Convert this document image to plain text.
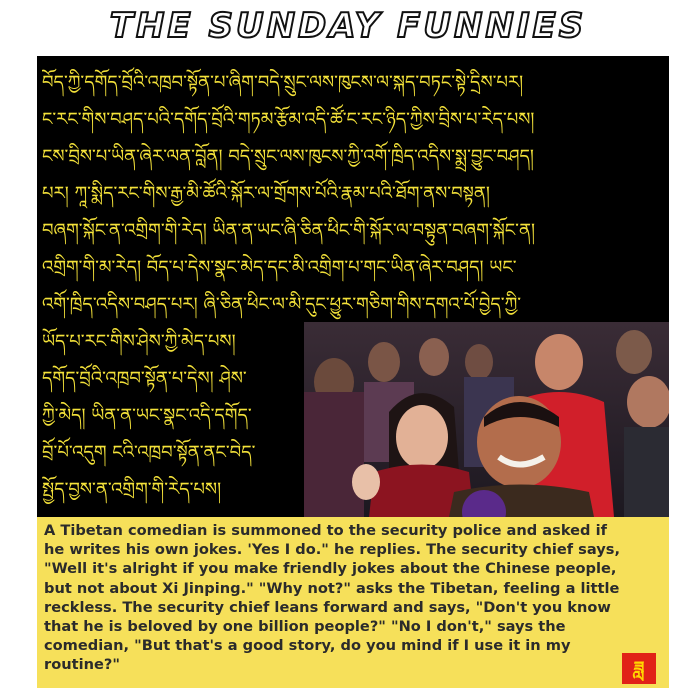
THE SUNDAY FUNNIES
བོད་ཀྱི་དགོད་བྲོའི་འཁྲབ་སྟོན་པ་ཞིག་བདེ་སྲུང་ལས་ཁུངས་ལ་སྐད་བཏང་སྟེ་དྲིས་པར།
ང་རང་གིས་བཤད་པའི་དགོད་བྲོའི་གཏམ་རྩོམ་འདི་ཚོ་ང་རང་ཉིད་ཀྱིས་བྲིས་པ་རེད་པས།
ངས་བྲིས་པ་ཡིན་ཞེར་ལན་བློན། བདེ་སྲུང་ལས་ཁུངས་ཀྱི་འགོ་ཁྲིད་འདིས་སྨྲ་བྱུང་བཤད།
པར། ཀཱ་སྨིད་རང་གིས་རྒྱ་མི་ཚོའི་སྐོར་ལ་གྲོགས་པོའི་རྣམ་པའི་ཐོག་ནས་བསྟན།
བཞག་སྐོང་ན་འགྲིག་གི་རེད། ཡིན་ན་ཡང་ཞི་ཅིན་ཕིང་གི་སྐོར་ལ་བསྟུན་བཞག་སྐོང་ན།
འགྲིག་གི་མ་རེད། བོད་པ་དེས་སྣང་མེད་དང་མི་འགྲིག་པ་གང་ཡིན་ཞེར་བཤད། ཡང་
འགོ་ཁྲིད་འདིས་བཤད་པར། ཞི་ཅིན་ཕིང་ལ་མི་དུང་ཕྱུར་གཅིག་གིས་དགའ་པོ་བྱེད་ཀྱི་
ཡོད་པ་རང་གིས་ཤེས་ཀྱི་མེད་པས།
དགོད་བྲོའི་འཁྲབ་སྟོན་པ་དེས། ཤེས་
ཀྱི་མེད། ཡིན་ན་ཡང་སྣང་འདི་དགོད་
བྲོ་པོ་འདུག ངའི་འཁྲབ་སྟོན་ནང་བེད་
སྤྱོད་བྱས་ན་འགྲིག་གི་རེད་པས།

A Tibetan comedian is summoned to the security police and asked if he writes his own jokes. 'Yes I do." he replies. The security chief says, "Well it's alright if you make friendly jokes about the Chinese people, but not about Xi Jinping." "Why not?" asks the Tibetan, feeling a little reckless. The security chief leans forward and says, "Don't you know that he is beloved by one billion people?" "No I don't," says the comedian, "But that's a good story, do you mind if I use it in my routine?"	ཟླ
